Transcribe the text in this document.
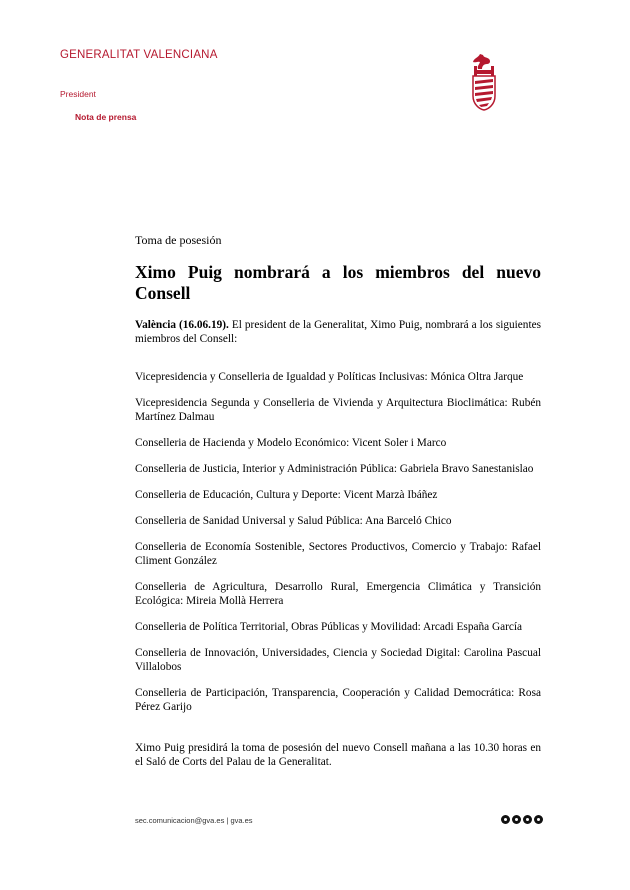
GENERALITAT VALENCIANA
President
Nota de prensa
Toma de posesión
Ximo Puig nombrará a los miembros del nuevo
Consell

València (16.06.19). El president de la Generalitat, Ximo Puig, nombrará a los siguientes miembros del Consell:

Vicepresidencia y Conselleria de Igualdad y Políticas Inclusivas: Mónica Oltra Jarque

Vicepresidencia Segunda y Conselleria de Vivienda y Arquitectura Bioclimática: Rubén Martínez Dalmau

Conselleria de Hacienda y Modelo Económico: Vicent Soler i Marco

Conselleria de Justicia, Interior y Administración Pública: Gabriela Bravo Sanestanislao

Conselleria de Educación, Cultura y Deporte: Vicent Marzà Ibáñez

Conselleria de Sanidad Universal y Salud Pública: Ana Barceló Chico

Conselleria de Economía Sostenible, Sectores Productivos, Comercio y Trabajo: Rafael Climent González

Conselleria de Agricultura, Desarrollo Rural, Emergencia Climática y Transición Ecológica: Mireia Mollà Herrera

Conselleria de Política Territorial, Obras Públicas y Movilidad: Arcadi España García

Conselleria de Innovación, Universidades, Ciencia y Sociedad Digital: Carolina Pascual Villalobos

Conselleria de Participación, Transparencia, Cooperación y Calidad Democrática: Rosa Pérez Garijo

Ximo Puig presidirá la toma de posesión del nuevo Consell mañana a las 10.30 horas en el Saló de Corts del Palau de la Generalitat.

sec.comunicacion@gva.es | gva.es
